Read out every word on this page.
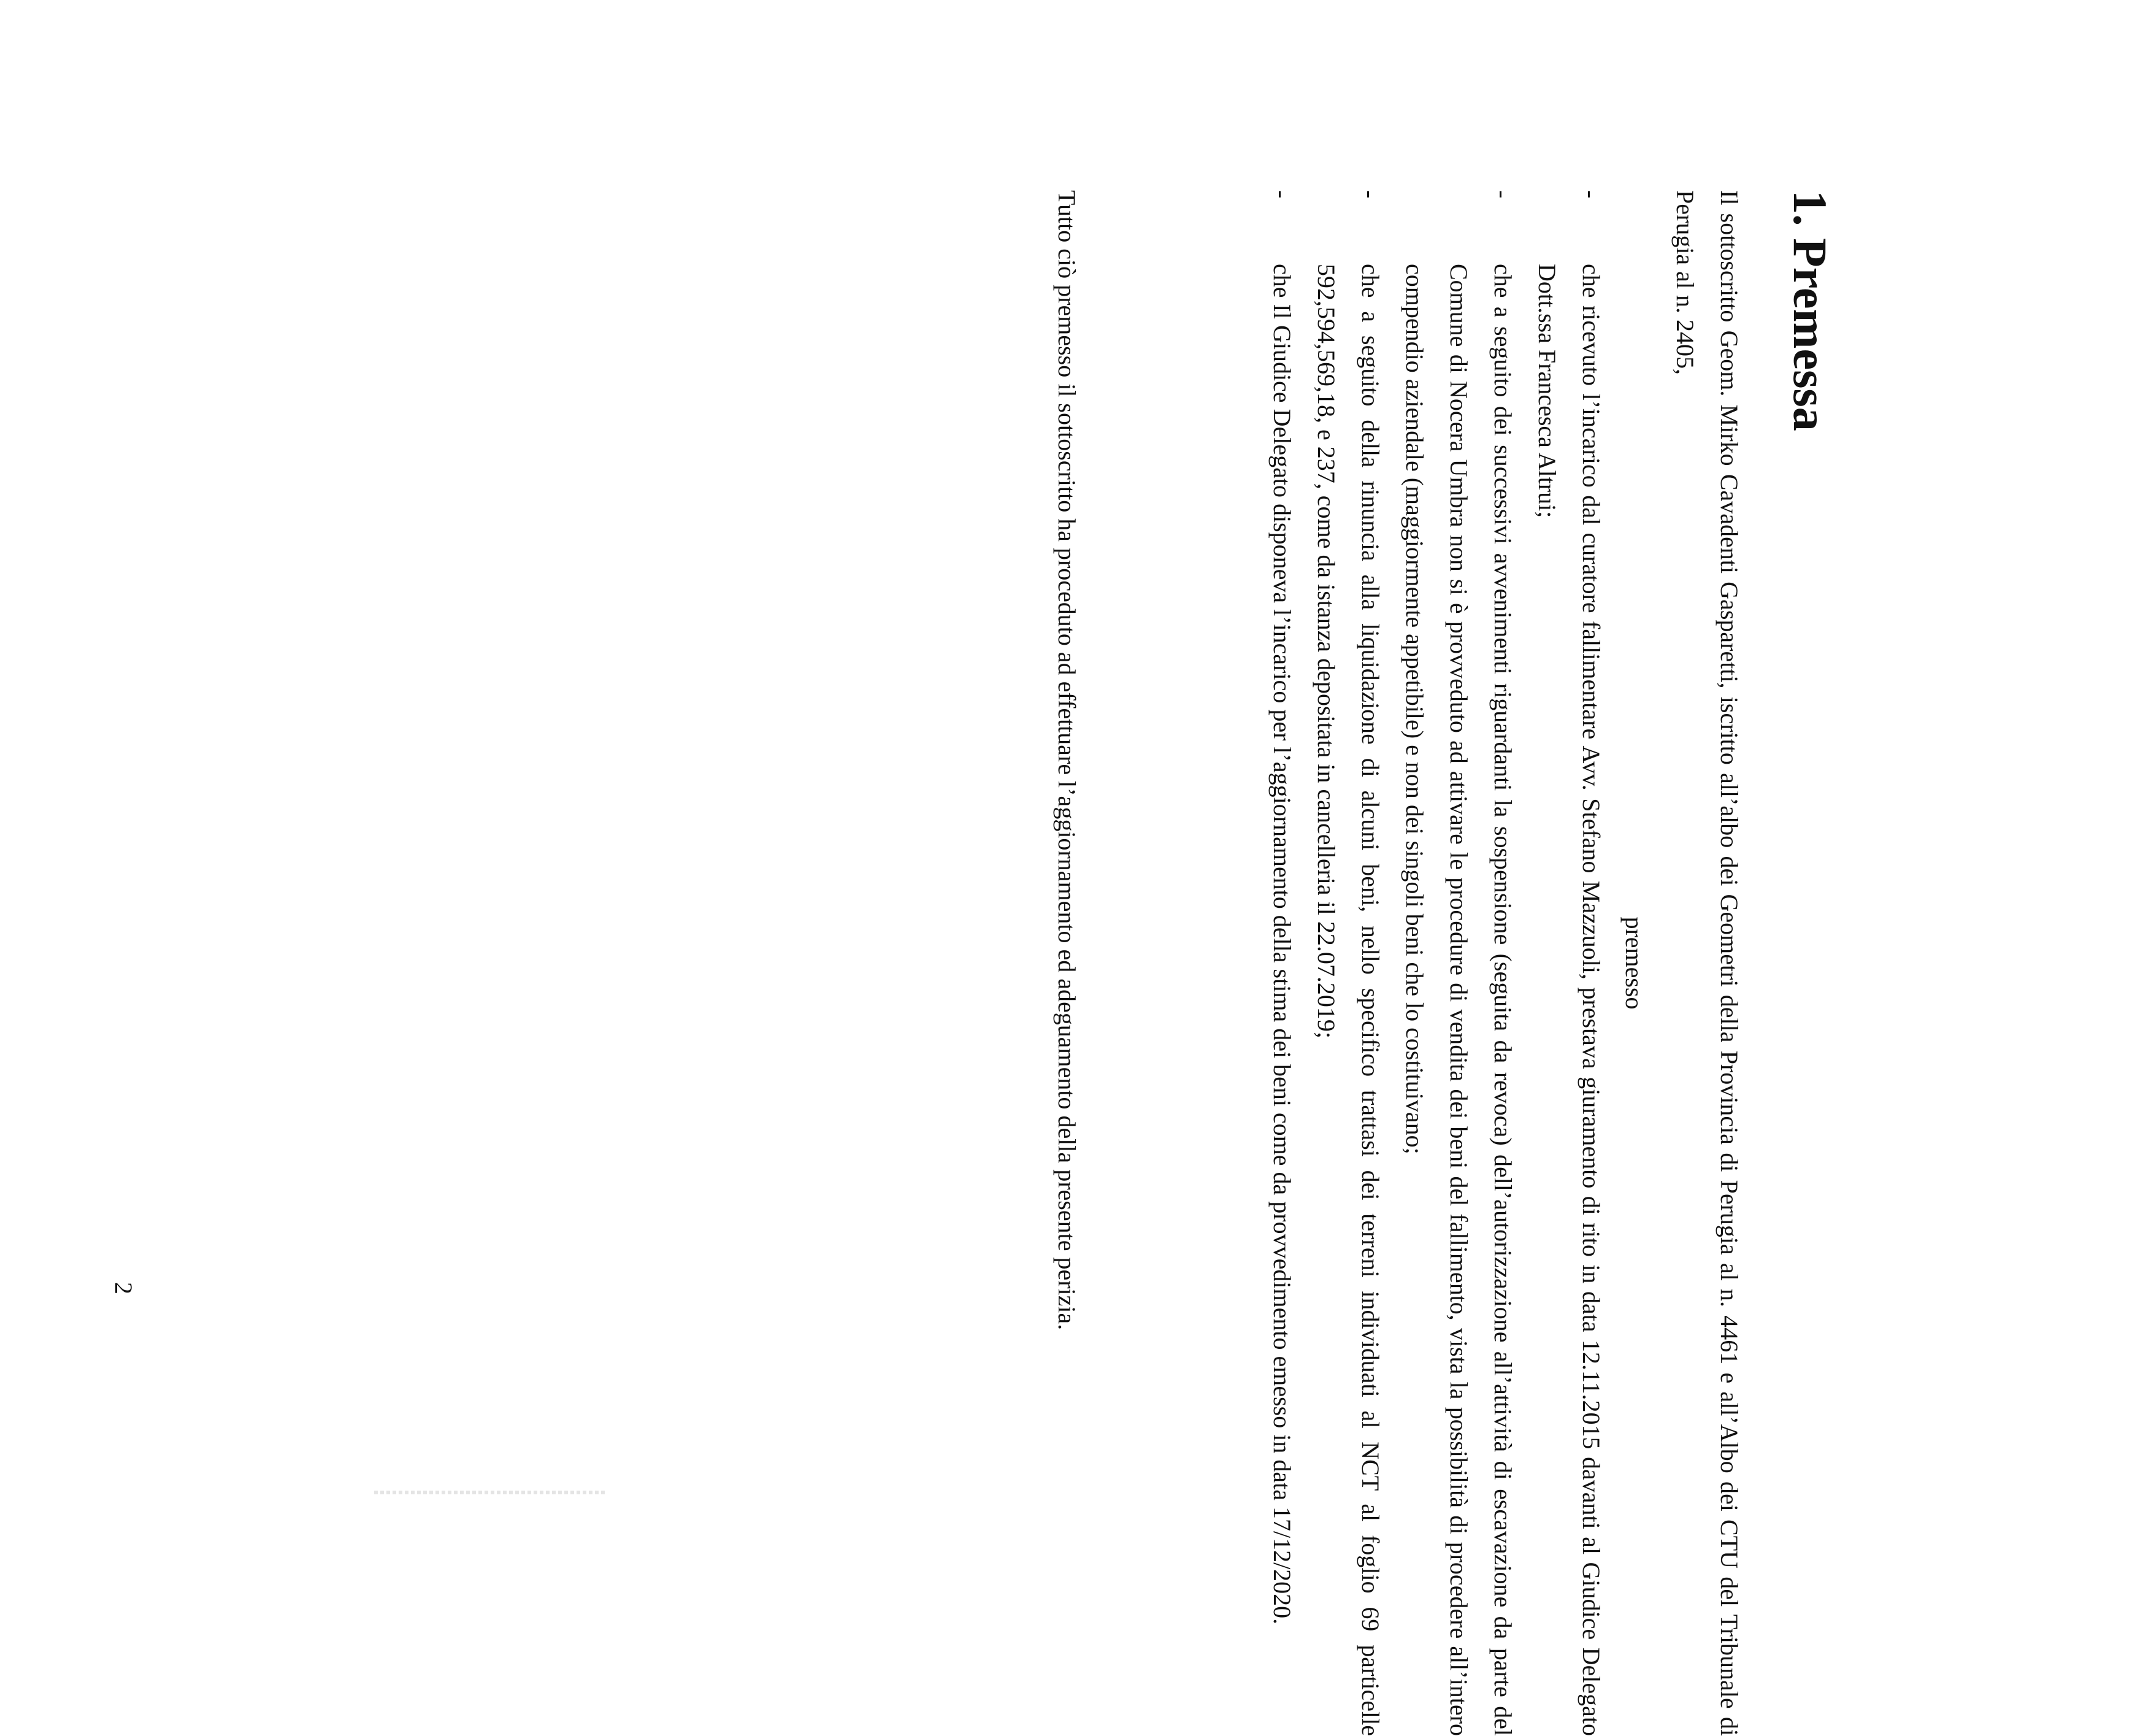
1. Premessa
Il sottoscritto Geom. Mirko Cavadenti Gasparetti, iscritto all’albo dei Geometri della Provincia di Perugia al n. 4461 e all’Albo dei CTU del Tribunale di Perugia al n. 2405,
premesso
-
che ricevuto l’incarico dal curatore fallimentare Avv. Stefano Mazzuoli, prestava giuramento di rito in data 12.11.2015 davanti al Giudice Delegato Dott.ssa Francesca Altrui;
-
che a seguito dei successivi avvenimenti riguardanti la sospensione (seguita da revoca) dell’autorizzazione all’attività di escavazione da parte del Comune di Nocera Umbra non si è provveduto ad attivare le procedure di vendita dei beni del fallimento, vista la possibilità di procedere all’intero compendio aziendale (maggiormente appetibile) e non dei singoli beni che lo costituivano;
-
che a seguito della rinuncia alla liquidazione di alcuni beni, nello specifico trattasi dei terreni individuati al NCT al foglio 69 particelle 592,594,569,18, e 237, come da istanza depositata in cancelleria il 22.07.2019;
-
che Il Giudice Delegato disponeva l’incarico per l’aggiornamento della stima dei beni come da provvedimento emesso in data 17/12/2020.
Tutto ciò premesso il sottoscritto ha proceduto ad effettuare l’aggiornamento ed adeguamento della presente perizia.
2
